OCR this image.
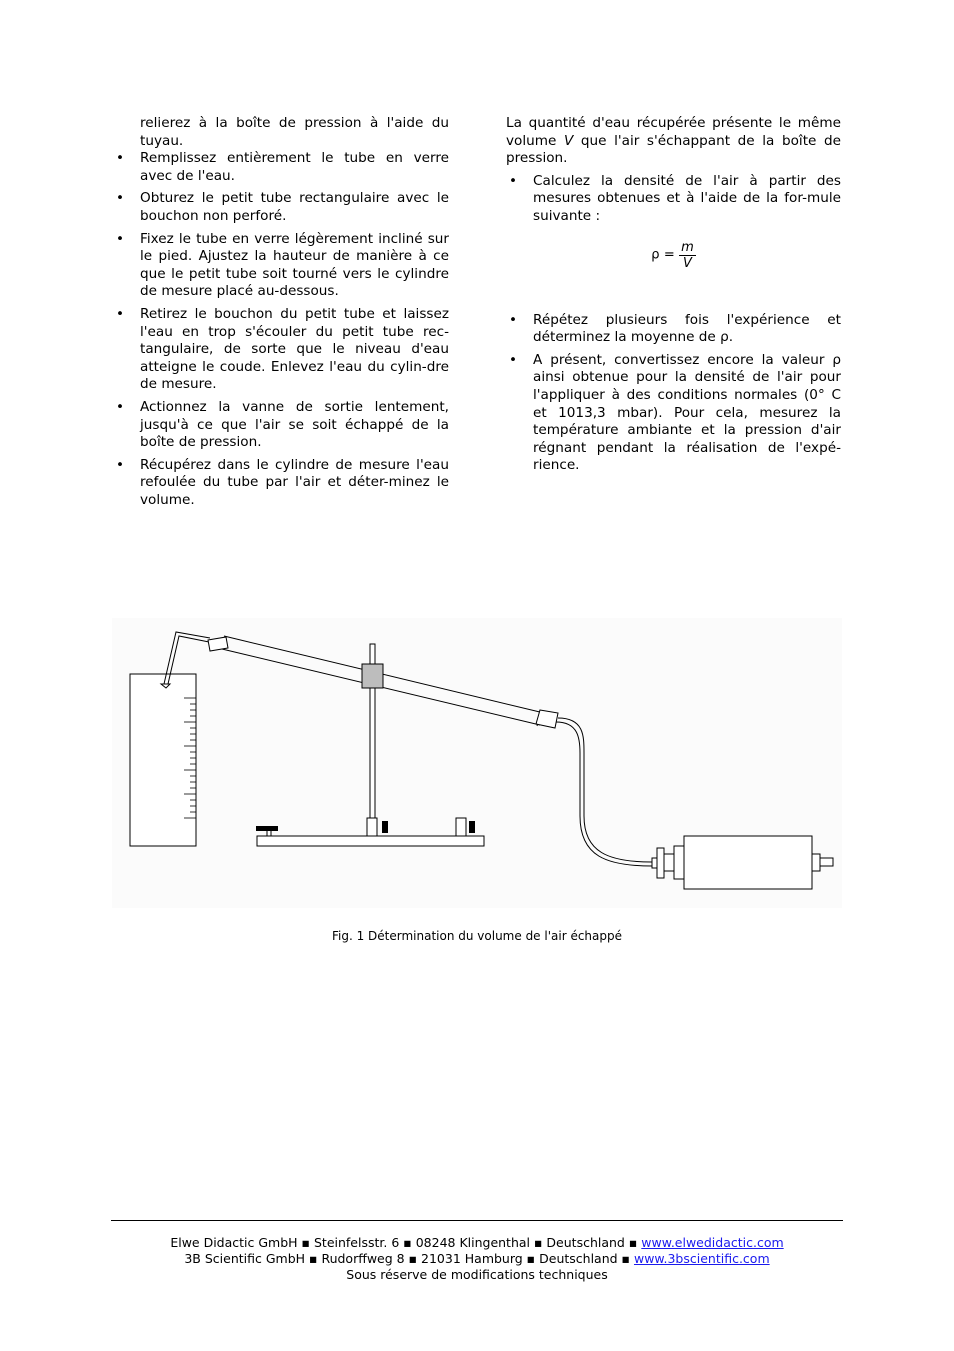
relierez à la boîte de pression à l'aide du tuyau.

• Remplissez entièrement le tube en verre avec de l'eau.
• Obturez le petit tube rectangulaire avec le bouchon non perforé.
• Fixez le tube en verre légèrement incliné sur le pied. Ajustez la hauteur de manière à ce que le petit tube soit tourné vers le cylindre de mesure placé au-dessous.
• Retirez le bouchon du petit tube et laissez l'eau en trop s'écouler du petit tube rec-tangulaire, de sorte que le niveau d'eau atteigne le coude. Enlevez l'eau du cylin-dre de mesure.
• Actionnez la vanne de sortie lentement, jusqu'à ce que l'air se soit échappé de la boîte de pression.
• Récupérez dans le cylindre de mesure l'eau refoulée du tube par l'air et déter-minez le volume.

La quantité d'eau récupérée présente le même volume V que l'air s'échappant de la boîte de pression.

• Calculez la densité de l'air à partir des mesures obtenues et à l'aide de la for-mule suivante :
$\rho = \frac{m}{V}$
• Répétez plusieurs fois l'expérience et déterminez la moyenne de ρ.
• A présent, convertissez encore la valeur ρ ainsi obtenue pour la densité de l'air pour l'appliquer à des conditions normales (0° C et 1013,3 mbar). Pour cela, mesurez la température ambiante et la pression d'air régnant pendant la réalisation de l'expé-rience.
Fig. 1 Détermination du volume de l'air échappé
Elwe Didactic GmbH ▪ Steinfelsstr. 6 ▪ 08248 Klingenthal ▪ Deutschland ▪ www.elwedidactic.com
3B Scientific GmbH ▪ Rudorffweg 8 ▪ 21031 Hamburg ▪ Deutschland ▪ www.3bscientific.com
Sous réserve de modifications techniques
